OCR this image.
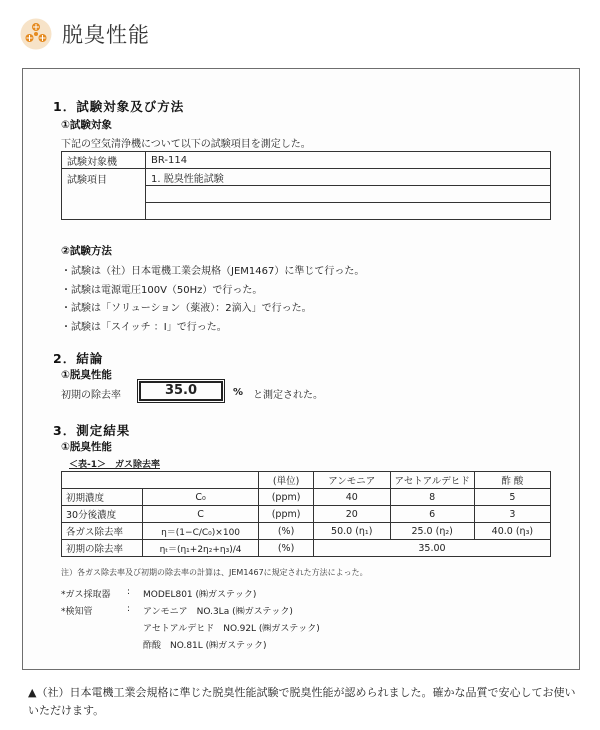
脱臭性能
1．試験対象及び方法
①試験対象
下記の空気清浄機について以下の試験項目を測定した。
試験対象機	BR-114
試験項目	1. 脱臭性能試験

②試験方法
・試験は（社）日本電機工業会規格（JEM1467）に準じて行った。
・試験は電源電圧100V（50Hz）で行った。
・試験は「ソリューション（薬液）：2滴入」で行った。
・試験は「スイッチ ：Ⅰ」で行った。
2．結論
①脱臭性能
初期の除去率	35.0	% と測定された。
3．測定結果
①脱臭性能
＜表-1＞　ガス除去率
		(単位)	アンモニア	アセトアルデヒド	酢 酸
初期濃度	C₀	(ppm)	40	8	5
30分後濃度	C	(ppm)	20	6	3
各ガス除去率	η＝(1−C/C₀)×100	(%)	50.0 (η₁)	25.0 (η₂)	40.0 (η₃)
初期の除去率	ηₜ＝(η₁+2η₂+η₃)/4	(%)	35.00		
注）各ガス除去率及び初期の除去率の計算は、JEM1467に規定された方法によった。
*ガス採取器 : MODEL801 (㈱ガステック)
*検知管	: アンモニア　NO.3La (㈱ガステック)
アセトアルデヒド　NO.92L (㈱ガステック)
酢酸　NO.81L (㈱ガステック)
▲（社）日本電機工業会規格に準じた脱臭性能試験で脱臭性能が認められました。確かな品質で安心してお使いいただけます。
